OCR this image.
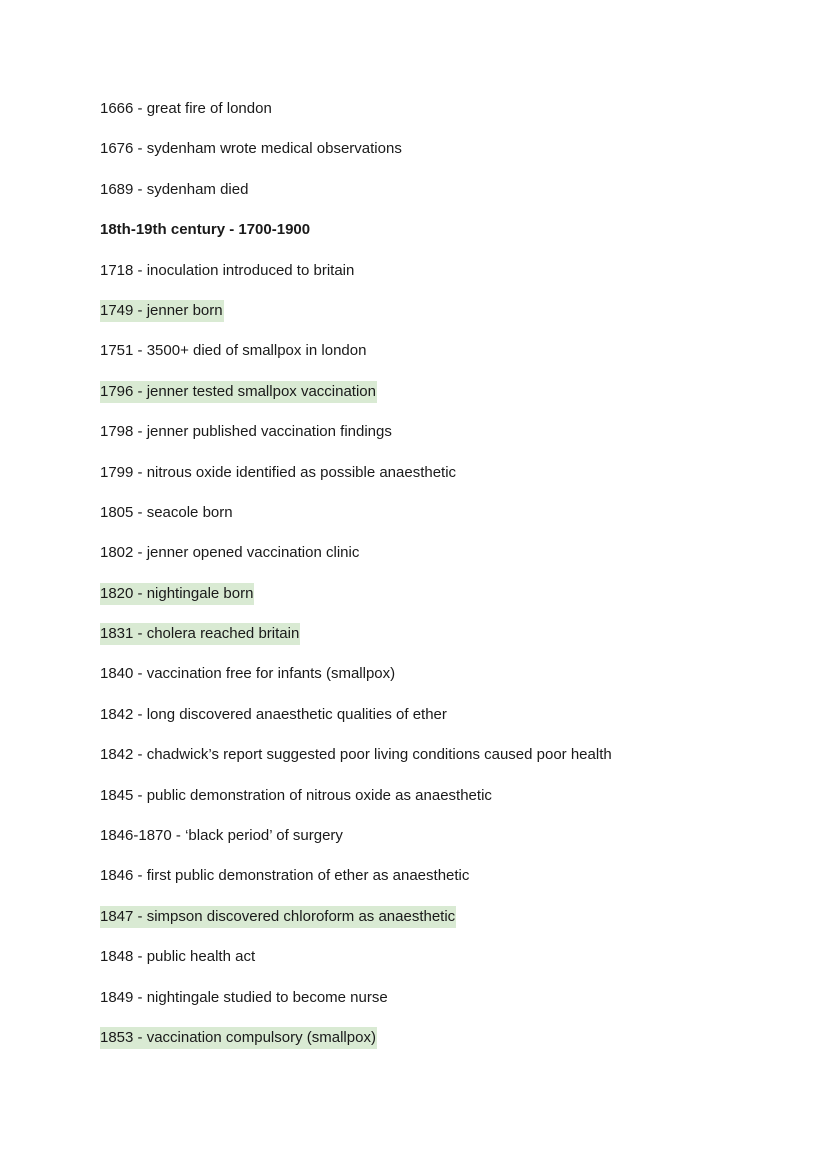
1666 - great fire of london
1676 - sydenham wrote medical observations
1689 - sydenham died
18th-19th century - 1700-1900
1718 - inoculation introduced to britain
1749 - jenner born
1751 - 3500+ died of smallpox in london
1796 - jenner tested smallpox vaccination
1798 - jenner published vaccination findings
1799 - nitrous oxide identified as possible anaesthetic
1805 - seacole born
1802 - jenner opened vaccination clinic
1820 - nightingale born
1831 - cholera reached britain
1840 - vaccination free for infants (smallpox)
1842 - long discovered anaesthetic qualities of ether
1842 - chadwick’s report suggested poor living conditions caused poor health
1845 - public demonstration of nitrous oxide as anaesthetic
1846-1870 - ‘black period’ of surgery
1846 - first public demonstration of ether as anaesthetic
1847 - simpson discovered chloroform as anaesthetic
1848 - public health act
1849 - nightingale studied to become nurse
1853 - vaccination compulsory (smallpox)
